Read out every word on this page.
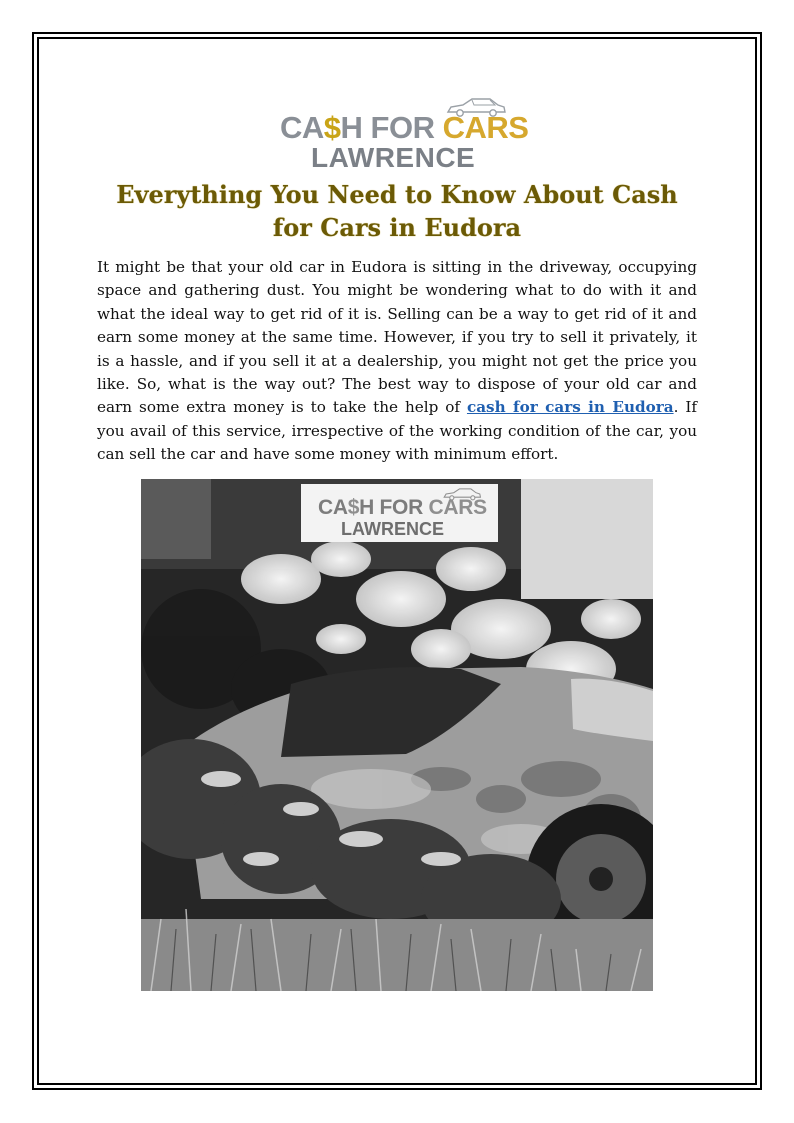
CA$H FOR CARS
LAWRENCE
Everything You Need to Know About Cash for Cars in Eudora
It might be that your old car in Eudora is sitting in the driveway, occupying space and gathering dust. You might be wondering what to do with it and what the ideal way to get rid of it is. Selling can be a way to get rid of it and earn some money at the same time. However, if you try to sell it privately, it is a hassle, and if you sell it at a dealership, you might not get the price you like. So, what is the way out? The best way to dispose of your old car and earn some extra money is to take the help of cash for cars in Eudora. If you avail of this service, irrespective of the working condition of the car, you can sell the car and have some money with minimum effort.
CA$H FOR CARS
LAWRENCE
